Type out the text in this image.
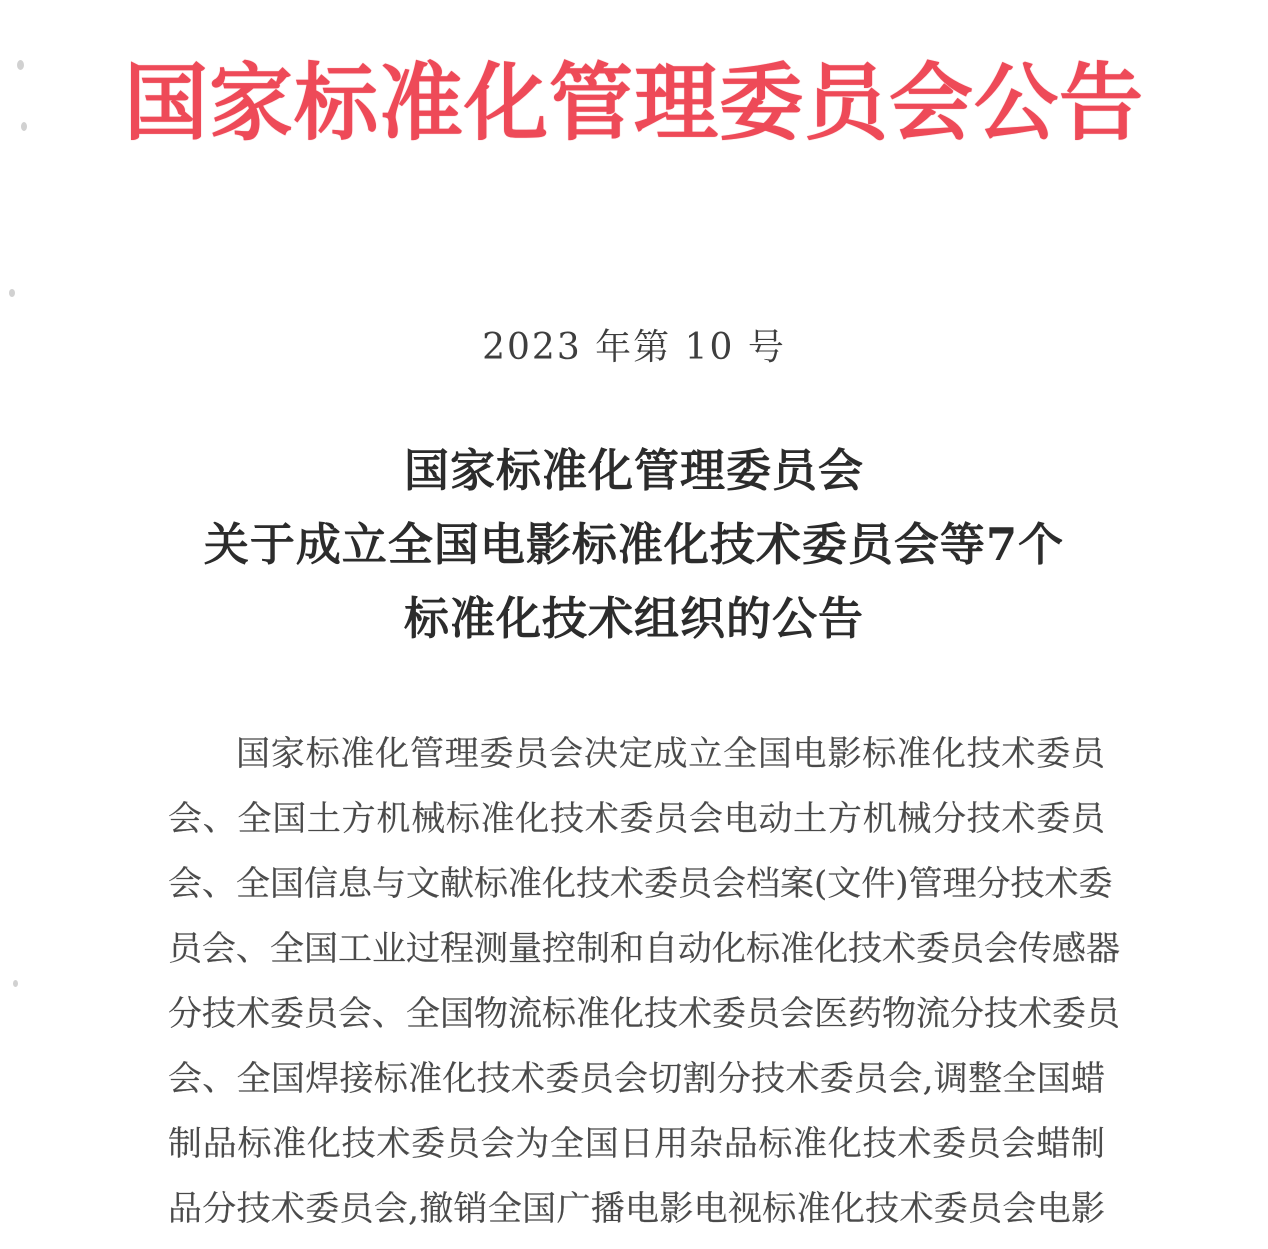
国家标准化管理委员会公告
2023 年第 10 号
国家标准化管理委员会
关于成立全国电影标准化技术委员会等7个
标准化技术组织的公告
国家标准化管理委员会决定成立全国电影标准化技术委员
会、全国土方机械标准化技术委员会电动土方机械分技术委员
会、全国信息与文献标准化技术委员会档案(文件)管理分技术委
员会、全国工业过程测量控制和自动化标准化技术委员会传感器
分技术委员会、全国物流标准化技术委员会医药物流分技术委员
会、全国焊接标准化技术委员会切割分技术委员会,调整全国蜡
制品标准化技术委员会为全国日用杂品标准化技术委员会蜡制
品分技术委员会,撤销全国广播电影电视标准化技术委员会电影
